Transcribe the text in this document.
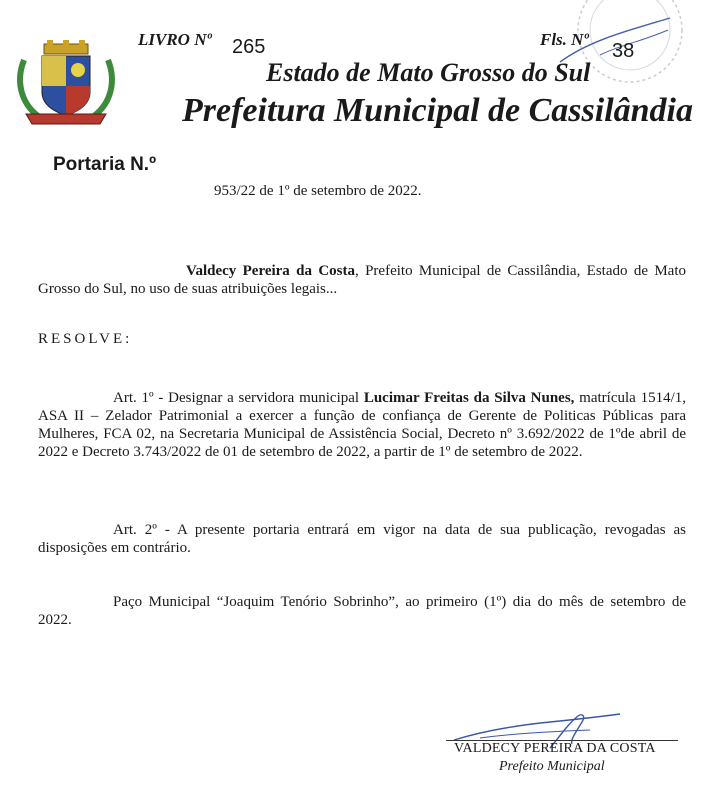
LIVRO Nº 265	Fls. Nº
38
Estado de Mato Grosso do Sul
Prefeitura Municipal de Cassilândia
Portaria N.º
953/22 de 1º de setembro de 2022.
Valdecy Pereira da Costa, Prefeito Municipal de Cassilândia, Estado de Mato Grosso do Sul, no uso de suas atribuições legais...
RESOLVE:
Art. 1º - Designar a servidora municipal Lucimar Freitas da Silva Nunes, matrícula 1514/1, ASA II – Zelador Patrimonial a exercer a função de confiança de Gerente de Politicas Públicas para Mulheres, FCA 02, na Secretaria Municipal de Assistência Social, Decreto nº 3.692/2022 de 1ºde abril de 2022 e Decreto 3.743/2022 de 01 de setembro de 2022, a partir de 1º de setembro de 2022.
Art. 2º - A presente portaria entrará em vigor na data de sua publicação, revogadas as disposições em contrário.
Paço Municipal “Joaquim Tenório Sobrinho”, ao primeiro (1º) dia do mês de setembro de 2022.
VALDECY PEREIRA DA COSTA
Prefeito Municipal
